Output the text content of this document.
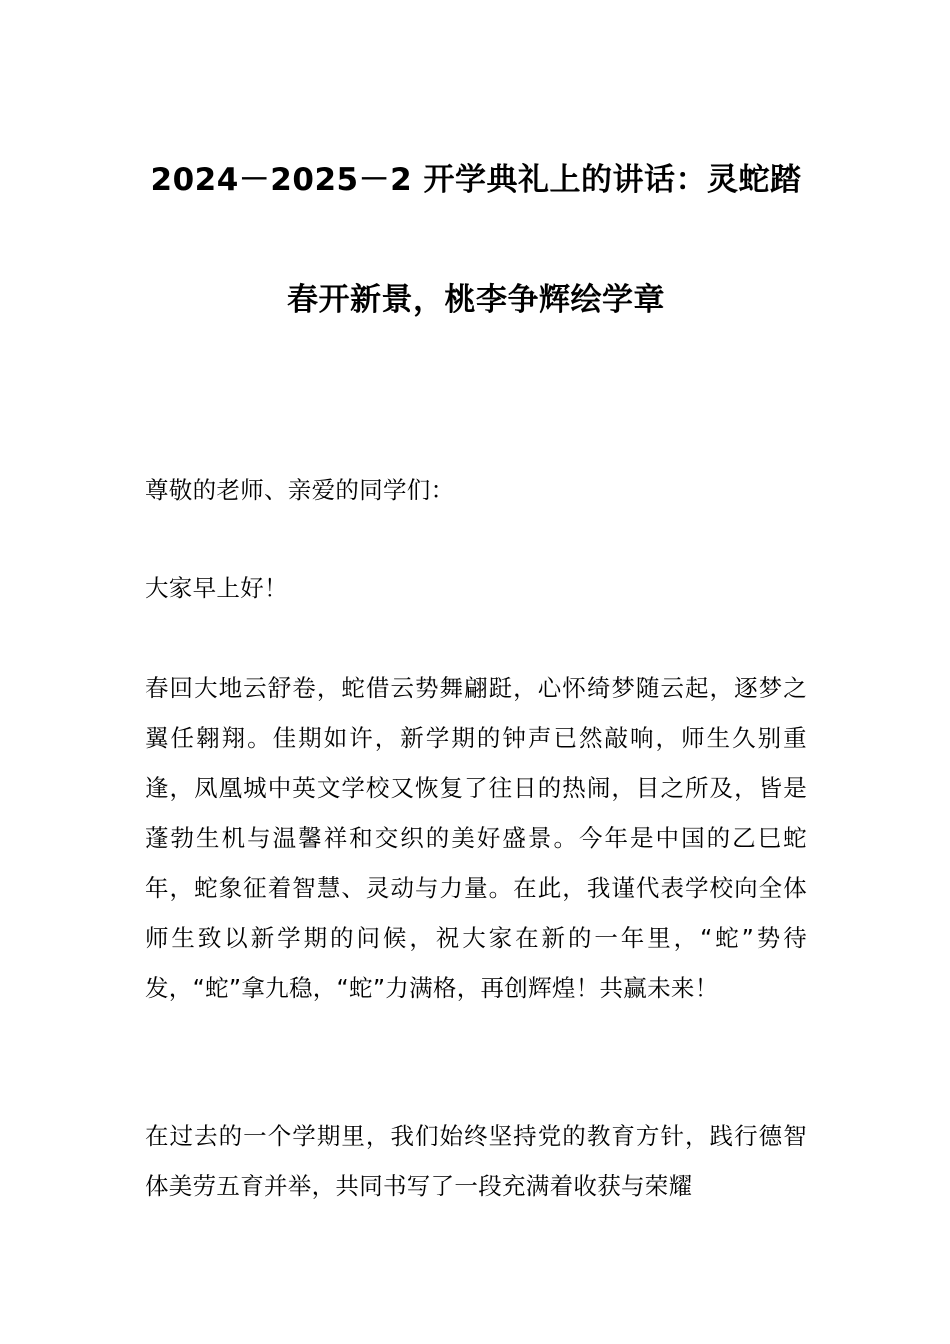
2024－2025－2 开学典礼上的讲话：灵蛇踏
春开新景，桃李争辉绘学章
尊敬的老师、亲爱的同学们：
大家早上好！
春回大地云舒卷，蛇借云势舞翩跹，心怀绮梦随云起，逐梦之翼任翱翔。佳期如许，新学期的钟声已然敲响，师生久别重逢，凤凰城中英文学校又恢复了往日的热闹，目之所及，皆是蓬勃生机与温馨祥和交织的美好盛景。今年是中国的乙巳蛇年，蛇象征着智慧、灵动与力量。在此，我谨代表学校向全体师生致以新学期的问候，祝大家在新的一年里，“蛇”势待发，“蛇”拿九稳，“蛇”力满格，再创辉煌！共赢未来！
在过去的一个学期里，我们始终坚持党的教育方针，践行德智体美劳五育并举，共同书写了一段充满着收获与荣耀
